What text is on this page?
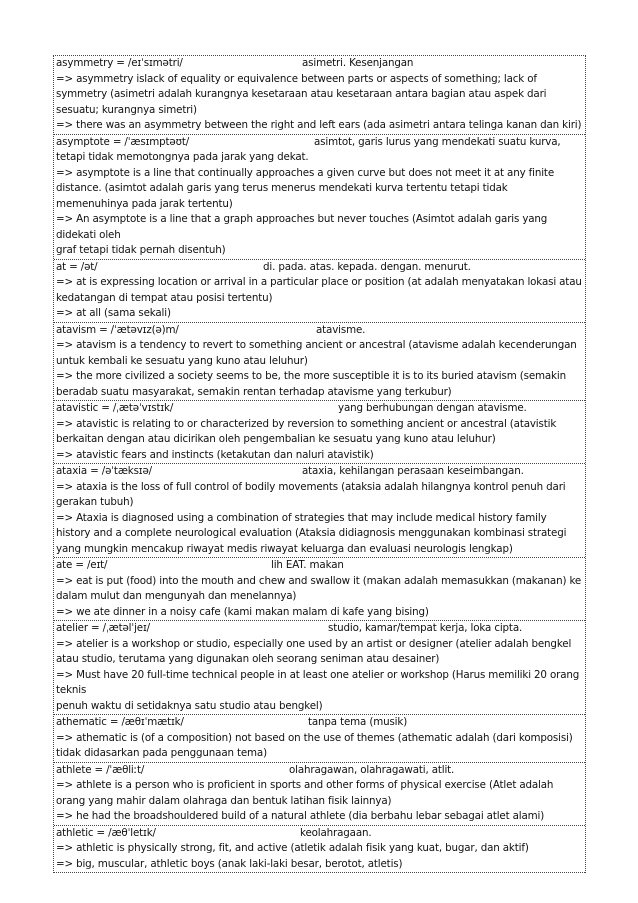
asymmetry = /eɪˈsɪmətri/	asimetri. Kesenjangan
=> asymmetry islack of equality or equivalence between parts or aspects of something; lack of symmetry (asimetri adalah kurangnya kesetaraan atau kesetaraan antara bagian atau aspek dari sesuatu; kurangnya simetri)
=> there was an asymmetry between the right and left ears (ada asimetri antara telinga kanan dan kiri)
asymptote = /ˈæsɪmptəʊt/	asimtot, garis lurus yang mendekati suatu kurva, tetapi tidak memotongnya pada jarak yang dekat.
=> asymptote is a line that continually approaches a given curve but does not meet it at any finite distance. (asimtot adalah garis yang terus menerus mendekati kurva tertentu tetapi tidak memenuhinya pada jarak tertentu)
=> An asymptote is a line that a graph approaches but never touches (Asimtot adalah garis yang didekati oleh
graf tetapi tidak pernah disentuh)
at = /ət/	di. pada. atas. kepada. dengan. menurut.
=> at is expressing location or arrival in a particular place or position (at adalah menyatakan lokasi atau kedatangan di tempat atau posisi tertentu)
=> at all (sama sekali)
atavism = /ˈætəvɪz(ə)m/	atavisme.
=> atavism is a tendency to revert to something ancient or ancestral (atavisme adalah kecenderungan untuk kembali ke sesuatu yang kuno atau leluhur)
=> the more civilized a society seems to be, the more susceptible it is to its buried atavism (semakin beradab suatu masyarakat, semakin rentan terhadap atavisme yang terkubur)
atavistic = /ˌætəˈvɪstɪk/	yang berhubungan dengan atavisme.
=> atavistic is relating to or characterized by reversion to something ancient or ancestral (atavistik berkaitan dengan atau dicirikan oleh pengembalian ke sesuatu yang kuno atau leluhur)
=> atavistic fears and instincts (ketakutan dan naluri atavistik)
ataxia = /əˈtæksɪə/	ataxia, kehilangan perasaan keseimbangan.
=> ataxia is the loss of full control of bodily movements (ataksia adalah hilangnya kontrol penuh dari gerakan tubuh)
=> Ataxia is diagnosed using a combination of strategies that may include medical history family history and a complete neurological evaluation (Ataksia didiagnosis menggunakan kombinasi strategi yang mungkin mencakup riwayat medis riwayat keluarga dan evaluasi neurologis lengkap)
ate = /eɪt/	lih EAT. makan
=> eat is put (food) into the mouth and chew and swallow it (makan adalah memasukkan (makanan) ke dalam mulut dan mengunyah dan menelannya)
=> we ate dinner in a noisy cafe (kami makan malam di kafe yang bising)
atelier = /ˌætəlˈjeɪ/	studio, kamar/tempat kerja, loka cipta.
=> atelier is a workshop or studio, especially one used by an artist or designer (atelier adalah bengkel atau studio, terutama yang digunakan oleh seorang seniman atau desainer)
=> Must have 20 full-time technical people in at least one atelier or workshop (Harus memiliki 20 orang teknis
penuh waktu di setidaknya satu studio atau bengkel)
athematic = /æθɪˈmætɪk/	tanpa tema (musik)
=> athematic is (of a composition) not based on the use of themes (athematic adalah (dari komposisi) tidak didasarkan pada penggunaan tema)
athlete = /ˈæθliːt/	olahragawan, olahragawati, atlit.
=> athlete is a person who is proficient in sports and other forms of physical exercise (Atlet adalah orang yang mahir dalam olahraga dan bentuk latihan fisik lainnya)
=> he had the broadshouldered build of a natural athlete (dia berbahu lebar sebagai atlet alami)
athletic = /æθˈletɪk/	keolahragaan.
=> athletic is physically strong, fit, and active (atletik adalah fisik yang kuat, bugar, dan aktif)
=> big, muscular, athletic boys (anak laki-laki besar, berotot, atletis)
